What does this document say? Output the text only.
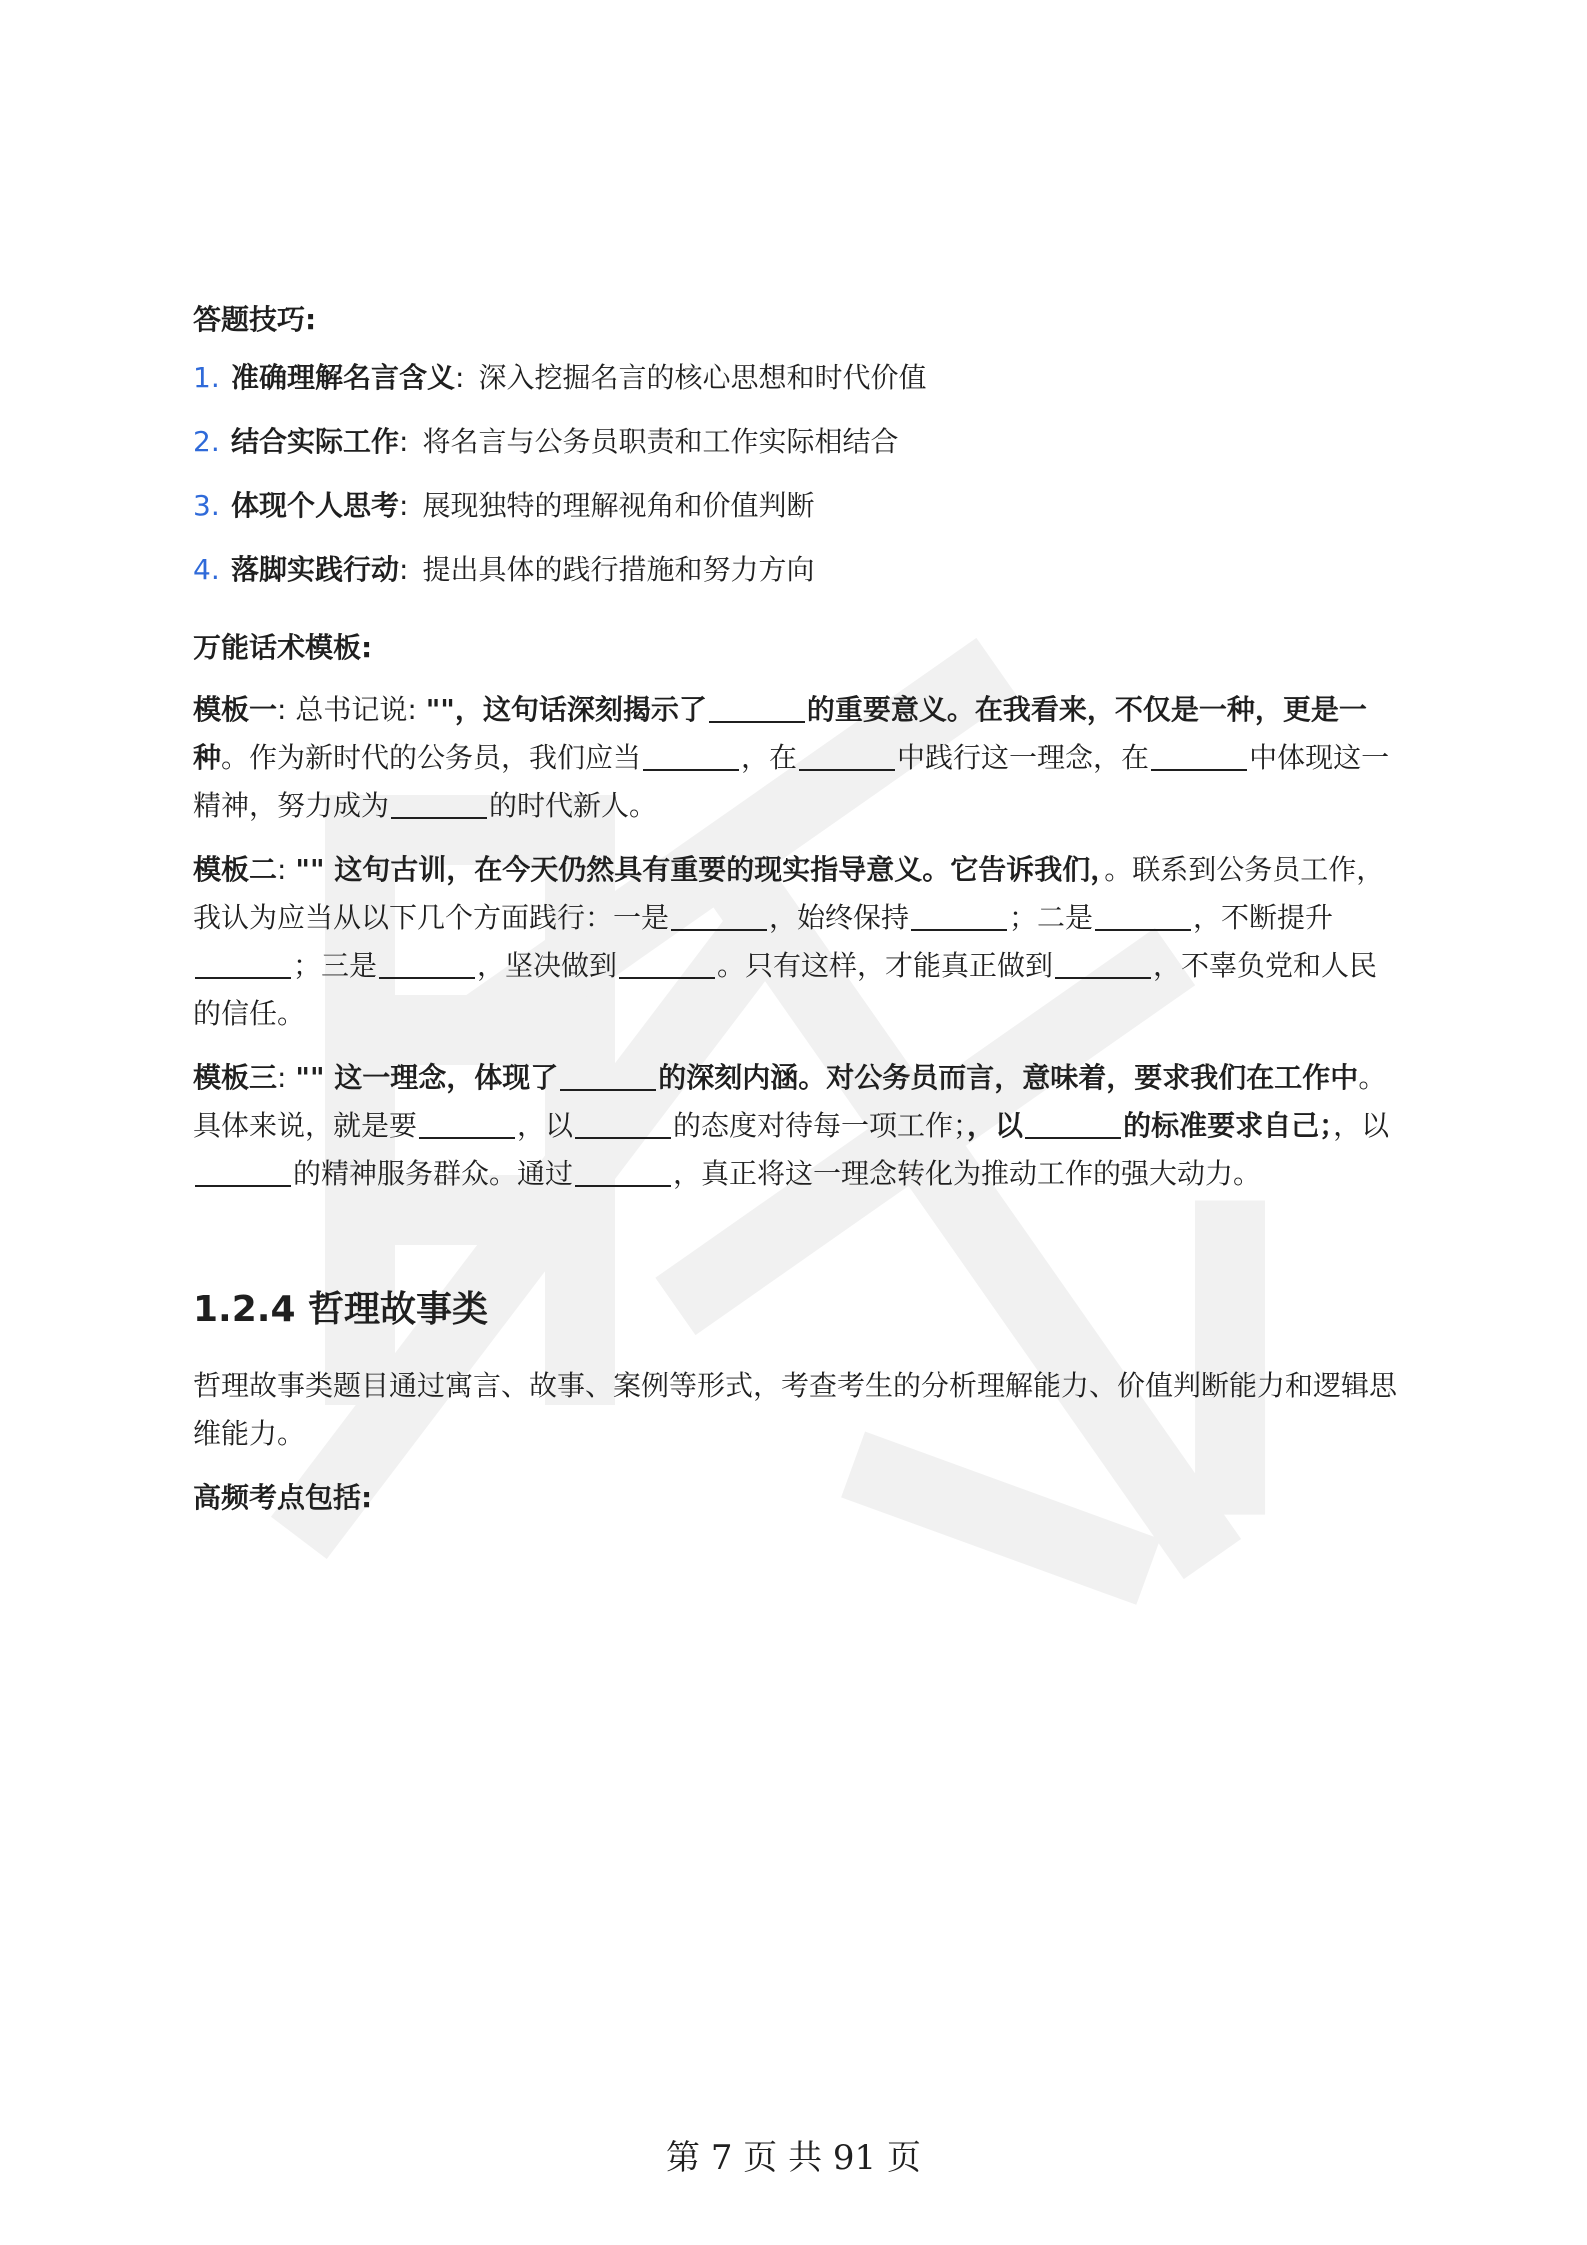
答题技巧:

1. 准确理解名言含义 : 深入挖掘名言的核心思想和时代价值
2. 结合实际工作 : 将名言与公务员职责和工作实际相结合
3. 体现个人思考 : 展现独特的理解视角和价值判断
4. 落脚实践行动 : 提出具体的践行措施和努力方向

万能话术模板:

模板一: 总书记说: ""，这句话深刻揭示了	的重要意义。在我看来，不仅是一种，更是一种。作为新时代的公务员，我们应当	，在	中践行这一理念，在	中体现这一精神，努力成为	的时代新人。

模板二: "" 这句古训，在今天仍然具有重要的现实指导意义。它告诉我们，。联系到公务员工作，我认为应当从以下几个方面践行：一是	，始终保持	；二是	，不断提升；三是	，坚决做到	。只有这样，才能真正做到	，不辜负党和人民的信任。

模板三: "" 这一理念，体现了	的深刻内涵。对公务员而言，意味着，要求我们在工作中。具体来说，就是要	，以	的态度对待每一项工作；，以	的标准要求自己；，以的精神服务群众。通过	，真正将这一理念转化为推动工作的强大动力。

1.2.4 哲理故事类

哲理故事类题目通过寓言、故事、案例等形式，考查考生的分析理解能力、价值判断能力和逻辑思维能力。

高频考点包括:

第 7 页 共 91 页
